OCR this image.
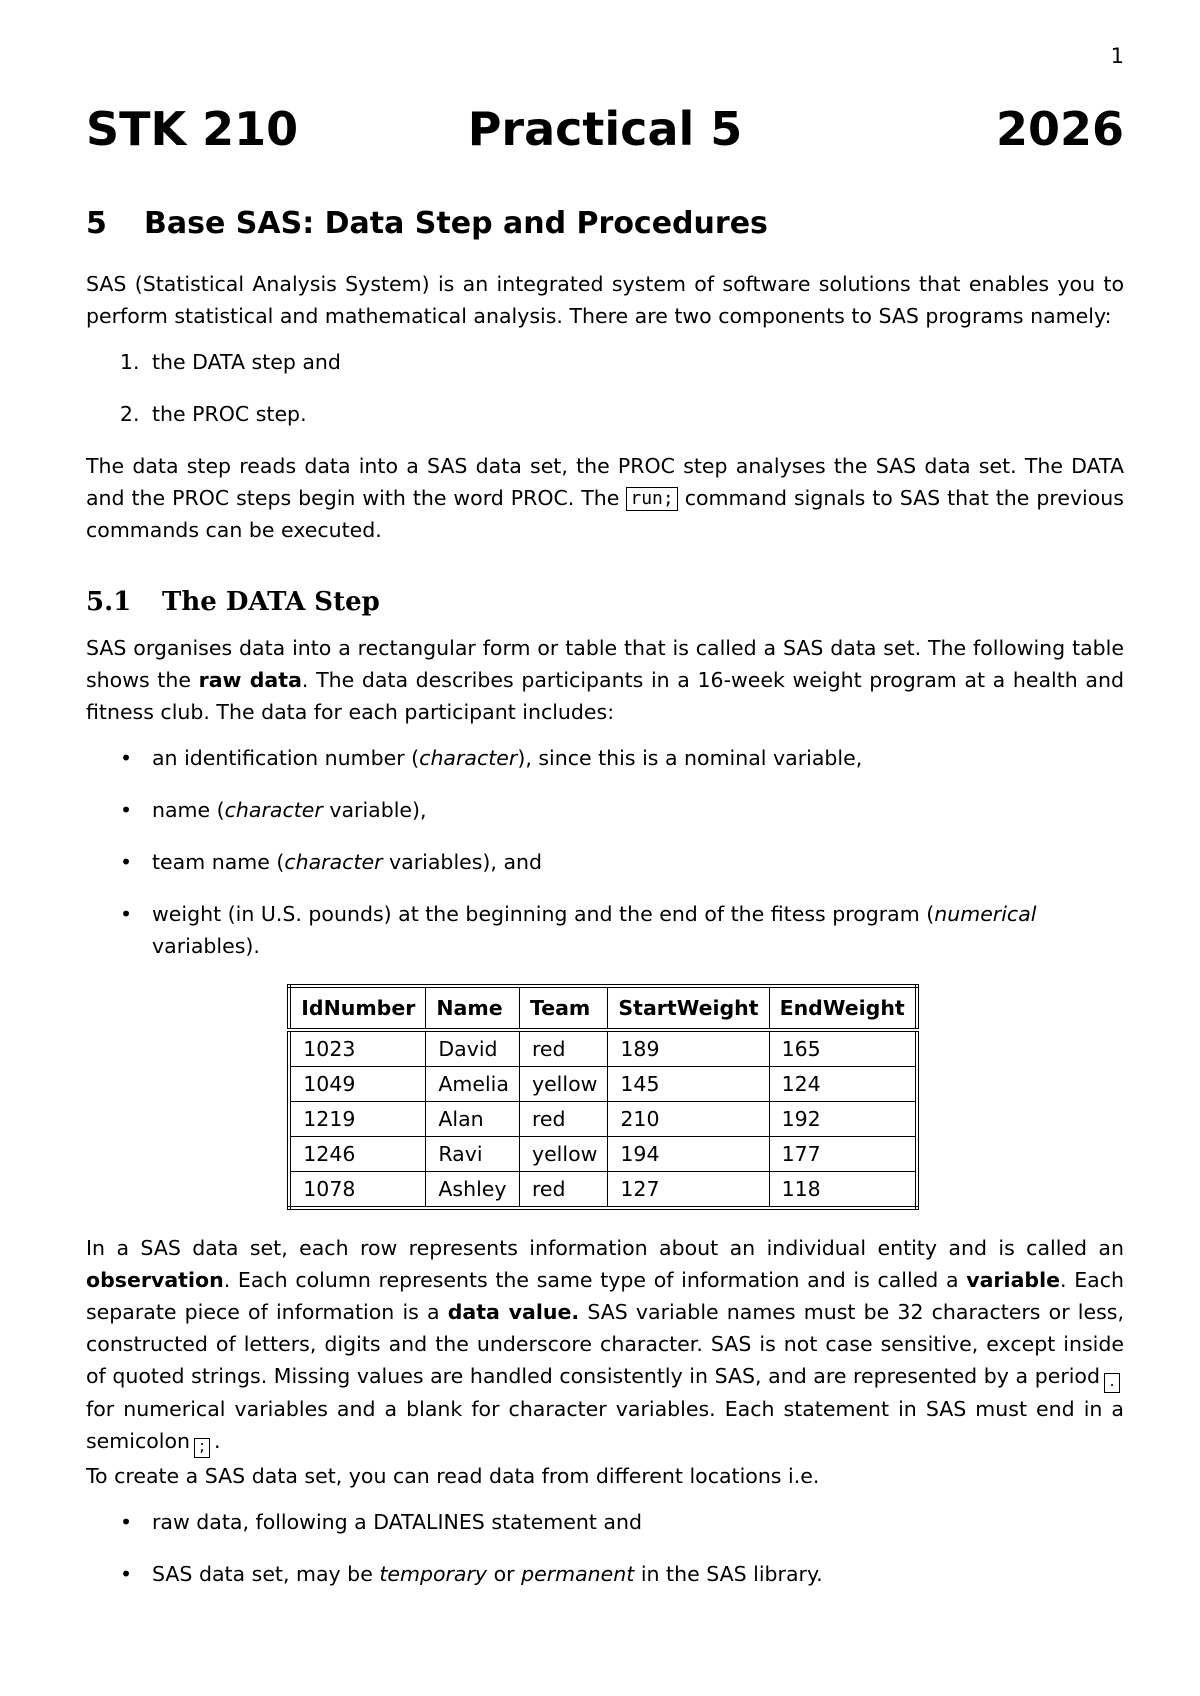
1
STK 210	Practical 5	2026
5 Base SAS: Data Step and Procedures

SAS (Statistical Analysis System) is an integrated system of software solutions that enables you to perform statistical and mathematical analysis. There are two components to SAS programs namely:

1. the DATA step and
2. the PROC step.

The data step reads data into a SAS data set, the PROC step analyses the SAS data set. The DATA and the PROC steps begin with the word PROC. The run; command signals to SAS that the previous commands can be executed.

5.1 The DATA Step

SAS organises data into a rectangular form or table that is called a SAS data set. The following table shows the raw data. The data describes participants in a 16-week weight program at a health and fitness club. The data for each participant includes:

• an identification number (character), since this is a nominal variable,
• name (character variable),
• team name (character variables), and
• weight (in U.S. pounds) at the beginning and the end of the fitess program (numerical variables).
IdNumber	Name	Team	StartWeight	EndWeight
1023	David	red	189	165
1049	Amelia	yellow	145	124
1219	Alan	red	210	192
1246	Ravi	yellow	194	177
1078	Ashley	red	127	118

In a SAS data set, each row represents information about an individual entity and is called an observation. Each column represents the same type of information and is called a variable. Each separate piece of information is a data value. SAS variable names must be 32 characters or less, constructed of letters, digits and the underscore character. SAS is not case sensitive, except inside of quoted strings. Missing values are handled consistently in SAS, and are represented by a period .for numerical variables and a blank for character variables. Each statement in SAS must end in a semicolon ; .

To create a SAS data set, you can read data from different locations i.e.

• raw data, following a DATALINES statement and
• SAS data set, may be temporary or permanent in the SAS library.
